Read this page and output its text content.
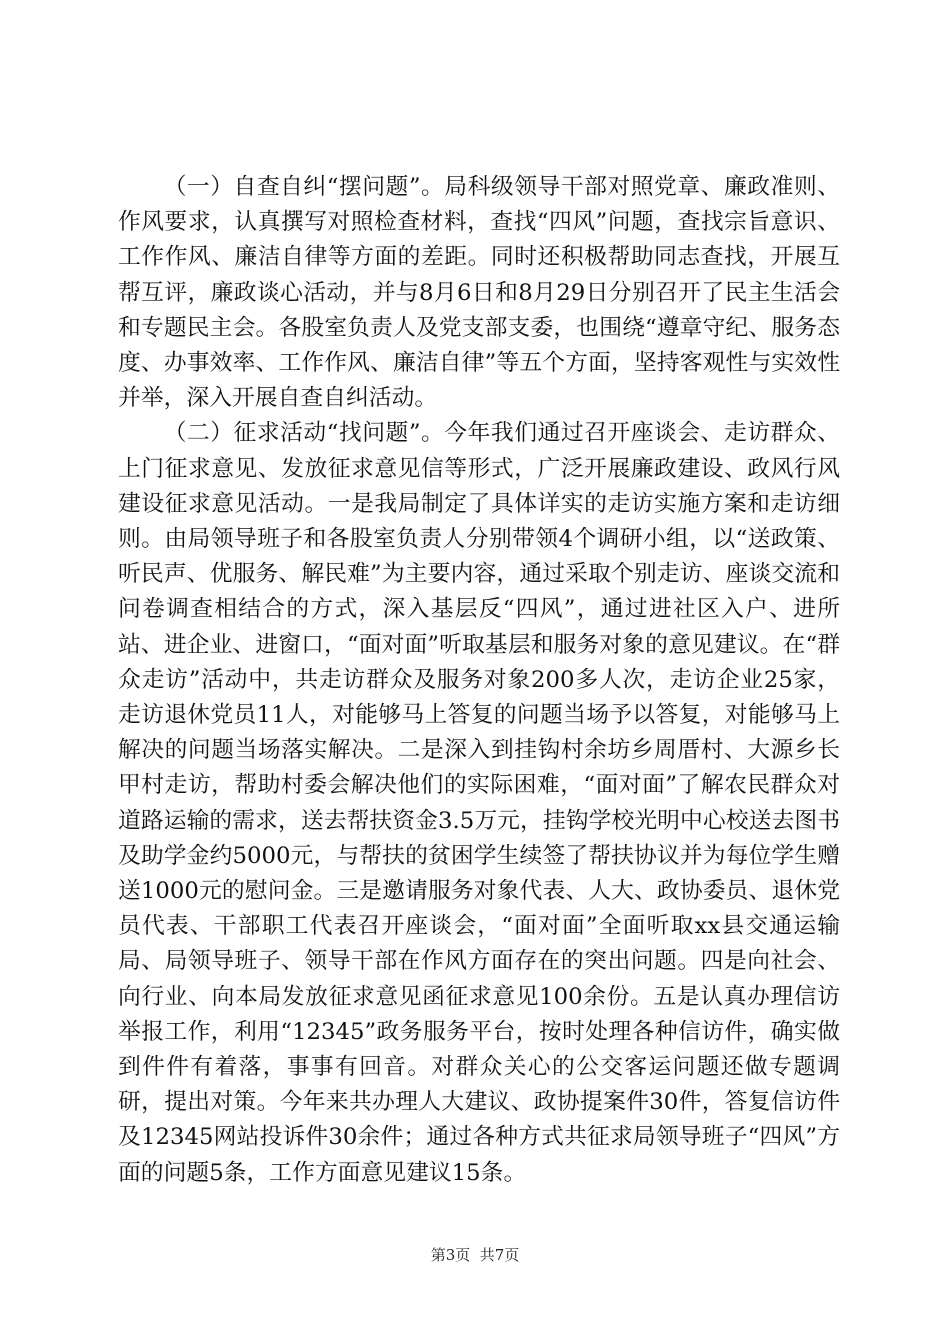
（一）自查自纠“摆问题”。局科级领导干部对照党章、廉政准则、作风要求，认真撰写对照检查材料，查找“四风”问题，查找宗旨意识、工作作风、廉洁自律等方面的差距。同时还积极帮助同志查找，开展互帮互评，廉政谈心活动，并与8月6日和8月29日分别召开了民主生活会和专题民主会。各股室负责人及党支部支委，也围绕“遵章守纪、服务态度、办事效率、工作作风、廉洁自律”等五个方面，坚持客观性与实效性并举，深入开展自查自纠活动。

（二）征求活动“找问题”。今年我们通过召开座谈会、走访群众、上门征求意见、发放征求意见信等形式，广泛开展廉政建设、政风行风建设征求意见活动。一是我局制定了具体详实的走访实施方案和走访细则。由局领导班子和各股室负责人分别带领4个调研小组，以“送政策、听民声、优服务、解民难”为主要内容，通过采取个别走访、座谈交流和问卷调查相结合的方式，深入基层反“四风”，通过进社区入户、进所站、进企业、进窗口，“面对面”听取基层和服务对象的意见建议。在“群众走访”活动中，共走访群众及服务对象200多人次，走访企业25家，走访退休党员11人，对能够马上答复的问题当场予以答复，对能够马上解决的问题当场落实解决。二是深入到挂钩村余坊乡周厝村、大源乡长甲村走访，帮助村委会解决他们的实际困难，“面对面”了解农民群众对道路运输的需求，送去帮扶资金3.5万元，挂钩学校光明中心校送去图书及助学金约5000元，与帮扶的贫困学生续签了帮扶协议并为每位学生赠送1000元的慰问金。三是邀请服务对象代表、人大、政协委员、退休党员代表、干部职工代表召开座谈会，“面对面”全面听取xx县交通运输局、局领导班子、领导干部在作风方面存在的突出问题。四是向社会、向行业、向本局发放征求意见函征求意见100余份。五是认真办理信访举报工作，利用“12345”政务服务平台，按时处理各种信访件，确实做到件件有着落，事事有回音。对群众关心的公交客运问题还做专题调研，提出对策。今年来共办理人大建议、政协提案件30件，答复信访件及12345网站投诉件30余件；通过各种方式共征求局领导班子“四风”方面的问题5条，工作方面意见建议15条。

第3页  共7页
